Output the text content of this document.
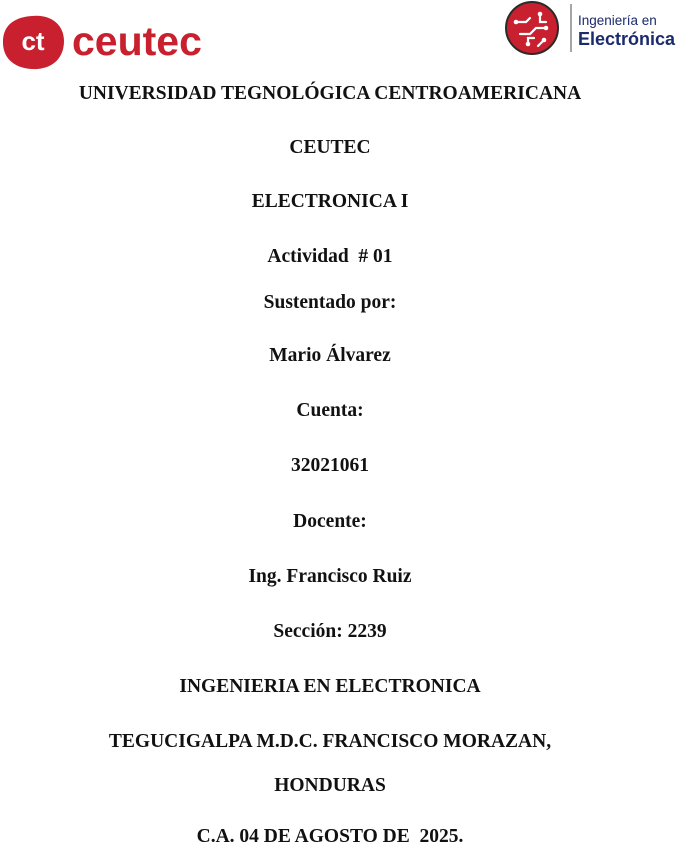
ct ceutec	Ingeniería en
Electrónica
UNIVERSIDAD TEGNOLÓGICA CENTROAMERICANA
CEUTEC
ELECTRONICA I
Actividad  # 01
Sustentado por:
Mario Álvarez
Cuenta:
32021061
Docente:
Ing. Francisco Ruiz
Sección: 2239
INGENIERIA EN ELECTRONICA
TEGUCIGALPA M.D.C. FRANCISCO MORAZAN,
HONDURAS
C.A. 04 DE AGOSTO DE  2025.
